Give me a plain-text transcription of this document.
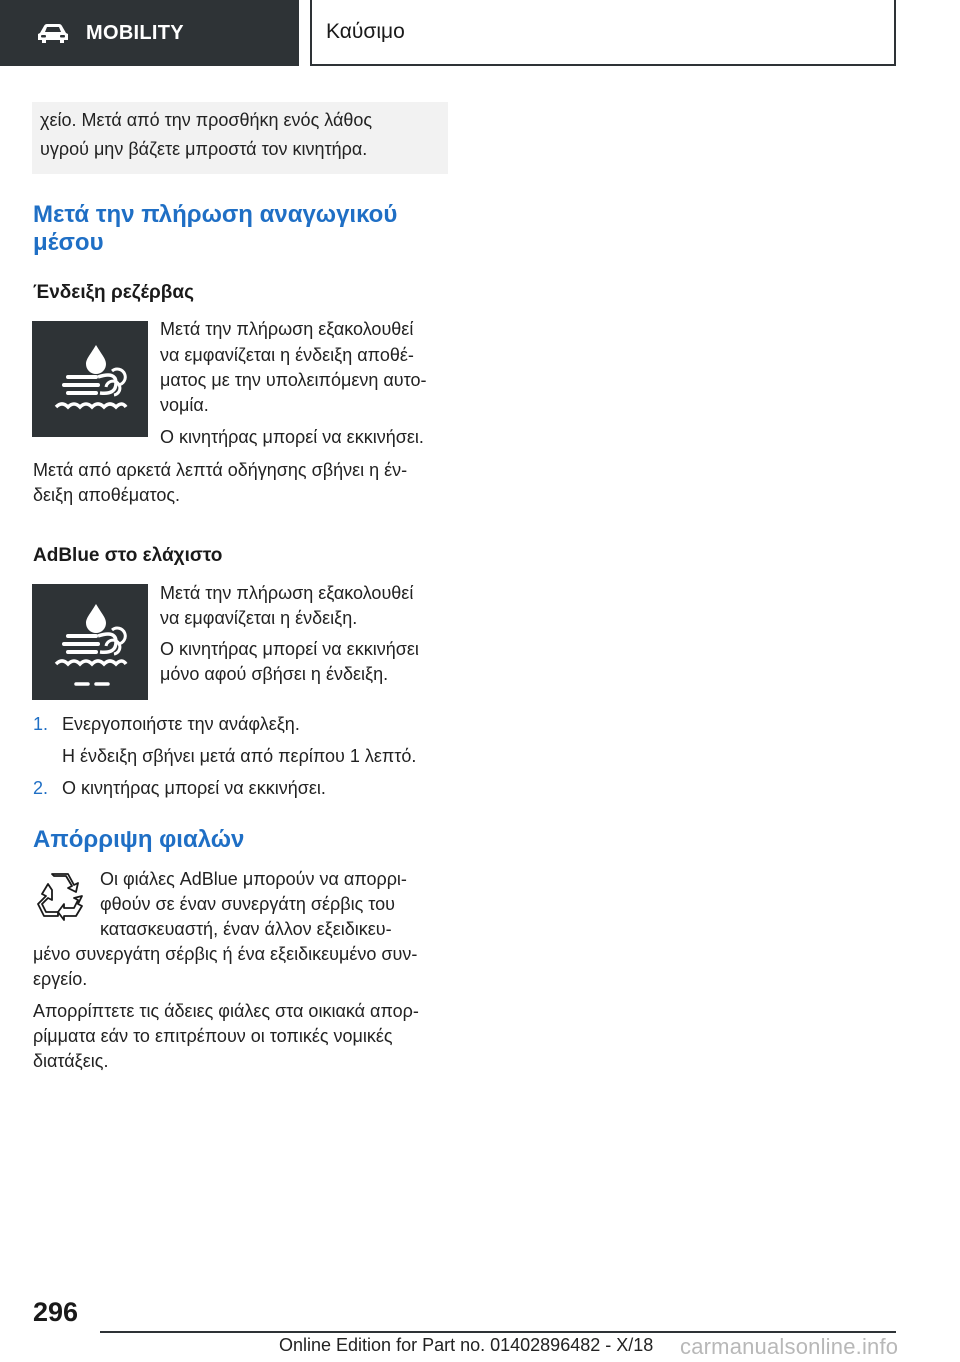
MOBILITY	Καύσιμο

χείο. Μετά από την προσθήκη ενός λάθος

υγρού μην βάζετε μπροστά τον κινητήρα.

Μετά την πλήρωση αναγωγικού
μέσου
Ένδειξη ρεζέρβας
Μετά την πλήρωση εξακολουθεί
να εμφανίζεται η ένδειξη αποθέ-
ματος με την υπολειπόμενη αυτο-
νομία.
Ο κινητήρας μπορεί να εκκινήσει.
Μετά από αρκετά λεπτά οδήγησης σβήνει η έν-
δειξη αποθέματος.
AdBlue στο ελάχιστο
Μετά την πλήρωση εξακολουθεί
να εμφανίζεται η ένδειξη.
Ο κινητήρας μπορεί να εκκινήσει
μόνο αφού σβήσει η ένδειξη.
1. Ενεργοποιήστε την ανάφλεξη.
Η ένδειξη σβήνει μετά από περίπου 1 λεπτό.
2. Ο κινητήρας μπορεί να εκκινήσει.
Απόρριψη φιαλών
Οι φιάλες AdBlue μπορούν να απορρι-
φθούν σε έναν συνεργάτη σέρβις του
κατασκευαστή, έναν άλλον εξειδικευ-
μένο συνεργάτη σέρβις ή ένα εξειδικευμένο συν-
εργείο.
Απορρίπτετε τις άδειες φιάλες στα οικιακά απορ-
ρίμματα εάν το επιτρέπουν οι τοπικές νομικές
διατάξεις.
296
Online Edition for Part no. 01402896482 - X/18 carmanualsonline.info
